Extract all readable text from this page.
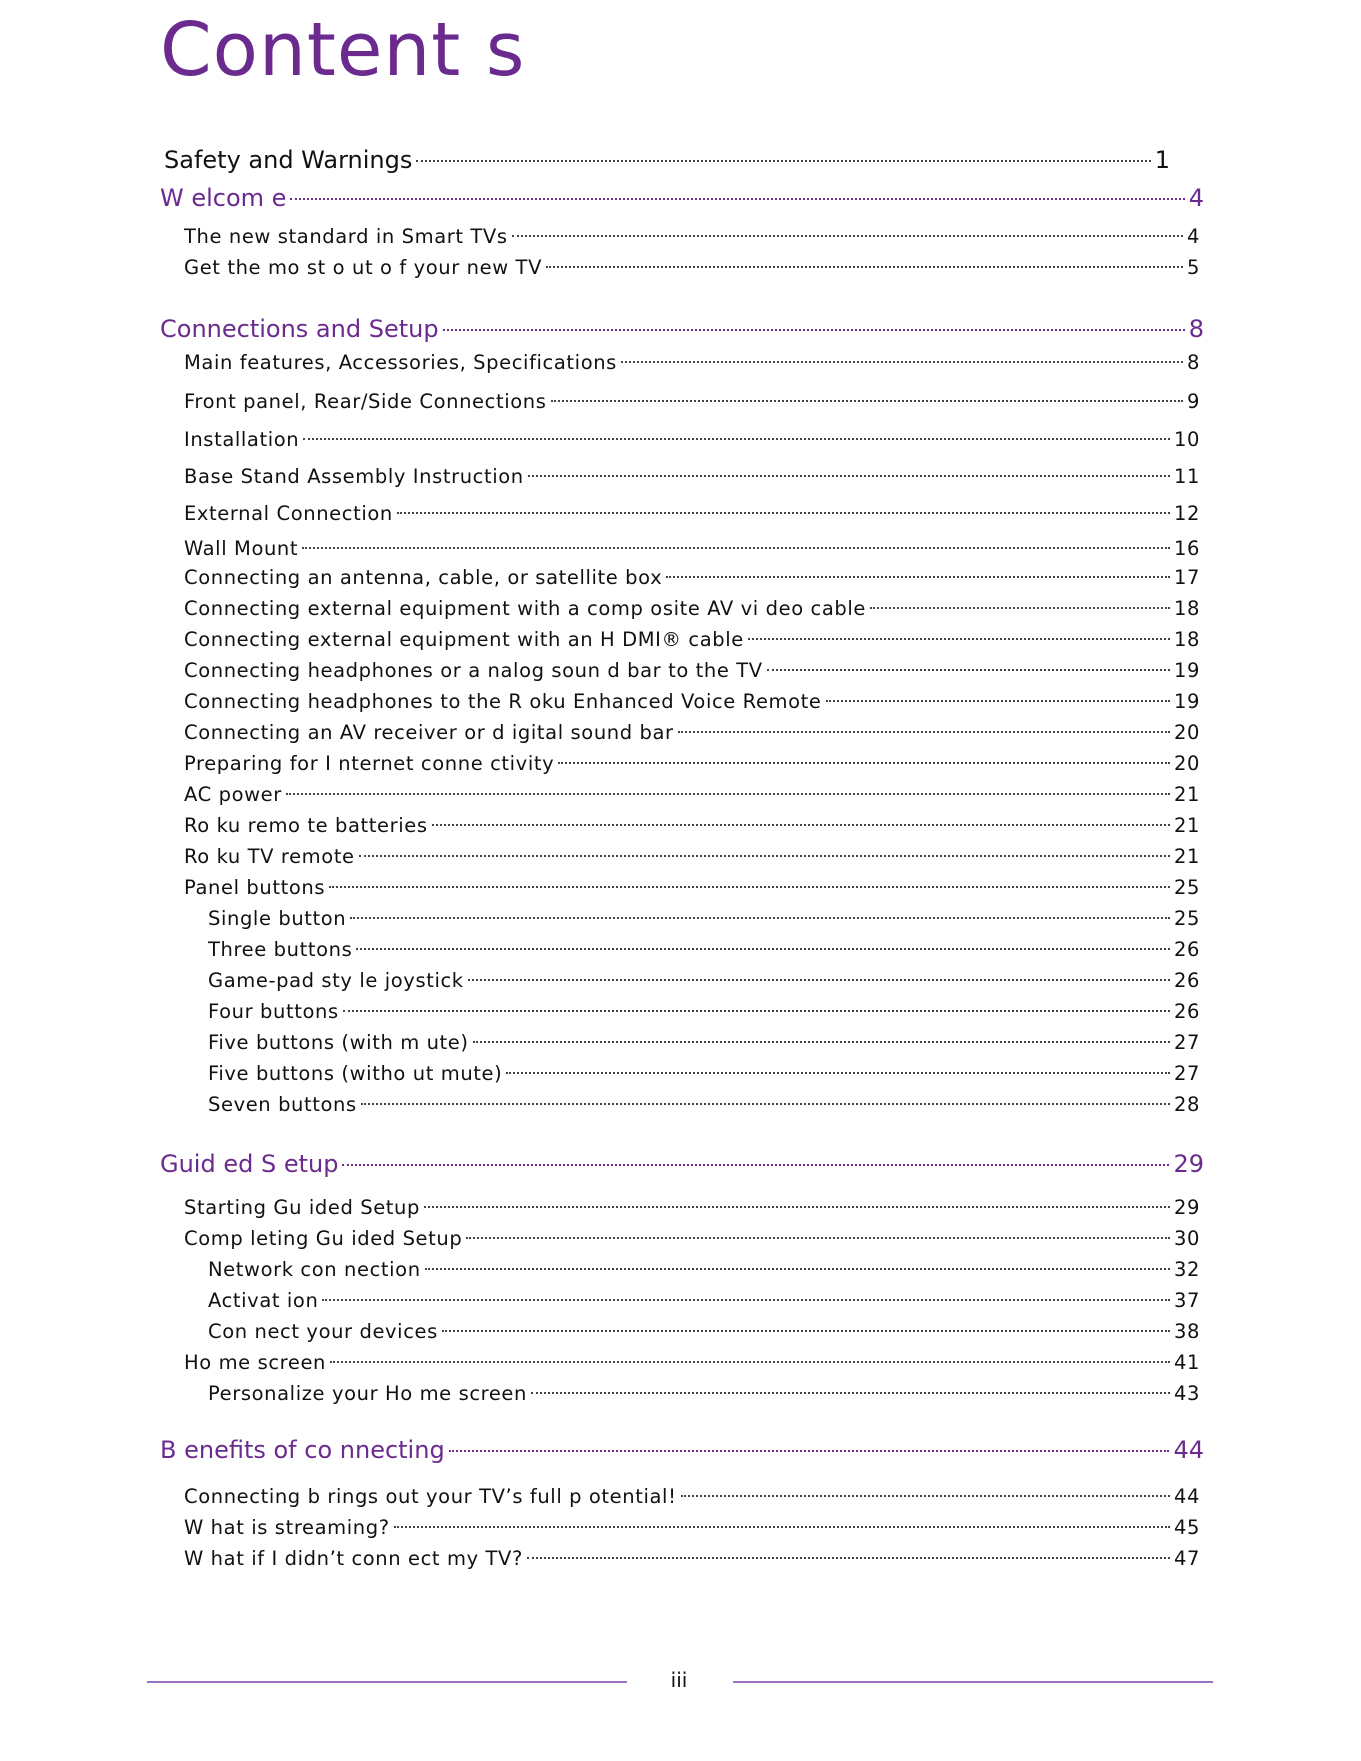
Content s
Safety and Warnings	1
W elcom e	4
The new standard in Smart TVs	4
Get the mo st o ut o f your new TV	5
Connections and Setup	8
Main features, Accessories, Specifications	8
Front panel, Rear/Side Connections	9
Installation	10
Base Stand Assembly Instruction	11
External Connection	12
Wall Mount	16
Connecting an antenna, cable, or satellite box	17
Connecting external equipment with a comp osite AV vi deo cable	18
Connecting external equipment with an H DMI® cable	18
Connecting headphones or a nalog soun d bar to the TV	19
Connecting headphones to the R oku Enhanced Voice Remote	19
Connecting an AV receiver or d igital sound bar	20
Preparing for I nternet conne ctivity	20
AC power	21
Ro ku remo te batteries	21
Ro ku TV remote	21
Panel buttons	25
Single button	25
Three buttons	26
Game-pad sty le joystick	26
Four buttons	26
Five buttons (with m ute)	27
Five buttons (witho ut mute)	27
Seven buttons	28
Guid ed S etup	29
Starting Gu ided Setup	29
Comp leting Gu ided Setup	30
Network con nection	32
Activat ion	37
Con nect your devices	38
Ho me screen	41
Personalize your Ho me screen	43
B enefits of co nnecting	44
Connecting b rings out your TV’s full p otential!	44
W hat is streaming?	45
W hat if I didn’t conn ect my TV?	47
iii
